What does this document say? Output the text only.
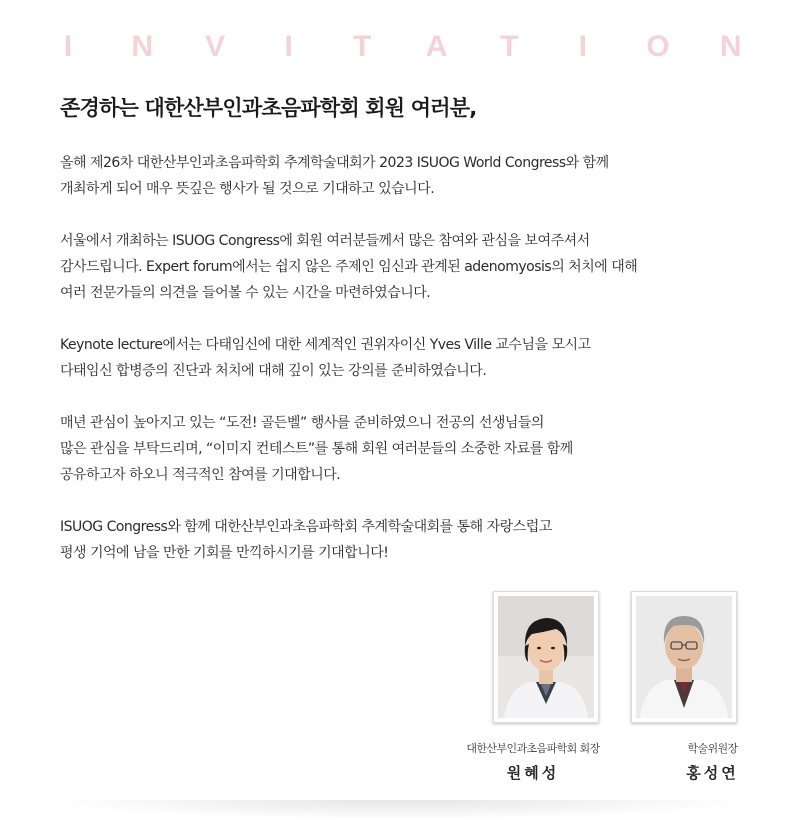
I N V I T A T I O N
존경하는 대한산부인과초음파학회 회원 여러분,

올해 제26차 대한산부인과초음파학회 추계학술대회가 2023 ISUOG World Congress와 함께
개최하게 되어 매우 뜻깊은 행사가 될 것으로 기대하고 있습니다.

서울에서 개최하는 ISUOG Congress에 회원 여러분들께서 많은 참여와 관심을 보여주셔서
감사드립니다. Expert forum에서는 쉽지 않은 주제인 임신과 관계된 adenomyosis의 처치에 대해
여러 전문가들의 의견을 들어볼 수 있는 시간을 마련하였습니다.

Keynote lecture에서는 다태임신에 대한 세계적인 권위자이신 Yves Ville 교수님을 모시고
다태임신 합병증의 진단과 처치에 대해 깊이 있는 강의를 준비하였습니다.

매년 관심이 높아지고 있는 “도전! 골든벨” 행사를 준비하였으니 전공의 선생님들의
많은 관심을 부탁드리며, “이미지 컨테스트”를 통해 회원 여러분들의 소중한 자료를 함께
공유하고자 하오니 적극적인 참여를 기대합니다.

ISUOG Congress와 함께 대한산부인과초음파학회 추계학술대회를 통해 자랑스럽고
평생 기억에 남을 만한 기회를 만끽하시기를 기대합니다!

대한산부인과초음파학회 회장
원혜성
학술위원장
홍성연
